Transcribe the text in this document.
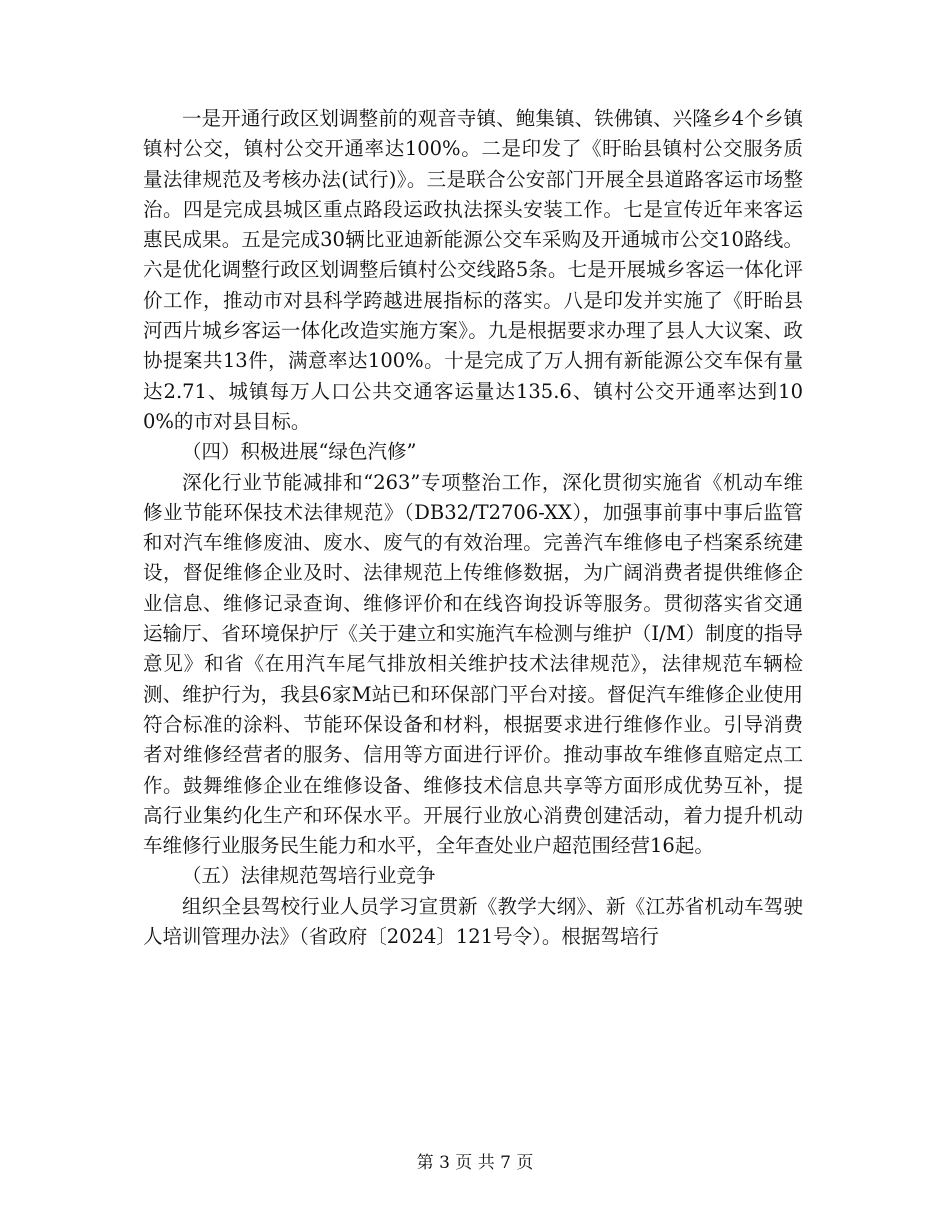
一是开通行政区划调整前的观音寺镇、鲍集镇、铁佛镇、兴隆乡4个乡镇镇村公交，镇村公交开通率达100%。二是印发了《盱眙县镇村公交服务质量法律规范及考核办法(试行)》。三是联合公安部门开展全县道路客运市场整治。四是完成县城区重点路段运政执法探头安装工作。七是宣传近年来客运惠民成果。五是完成30辆比亚迪新能源公交车采购及开通城市公交10路线。六是优化调整行政区划调整后镇村公交线路5条。七是开展城乡客运一体化评价工作，推动市对县科学跨越进展指标的落实。八是印发并实施了《盱眙县河西片城乡客运一体化改造实施方案》。九是根据要求办理了县人大议案、政协提案共13件，满意率达100%。十是完成了万人拥有新能源公交车保有量达2.71、城镇每万人口公共交通客运量达135.6、镇村公交开通率达到100%的市对县目标。

（四）积极进展“绿色汽修”

深化行业节能减排和“263”专项整治工作，深化贯彻实施省《机动车维修业节能环保技术法律规范》（DB32/T2706-XX），加强事前事中事后监管和对汽车维修废油、废水、废气的有效治理。完善汽车维修电子档案系统建设，督促维修企业及时、法律规范上传维修数据，为广阔消费者提供维修企业信息、维修记录查询、维修评价和在线咨询投诉等服务。贯彻落实省交通运输厅、省环境保护厅《关于建立和实施汽车检测与维护（I/M）制度的指导意见》和省《在用汽车尾气排放相关维护技术法律规范》，法律规范车辆检测、维护行为，我县6家M站已和环保部门平台对接。督促汽车维修企业使用符合标准的涂料、节能环保设备和材料，根据要求进行维修作业。引导消费者对维修经营者的服务、信用等方面进行评价。推动事故车维修直赔定点工作。鼓舞维修企业在维修设备、维修技术信息共享等方面形成优势互补，提高行业集约化生产和环保水平。开展行业放心消费创建活动，着力提升机动车维修行业服务民生能力和水平，全年查处业户超范围经营16起。

（五）法律规范驾培行业竞争

组织全县驾校行业人员学习宣贯新《教学大纲》、新《江苏省机动车驾驶人培训管理办法》（省政府〔2024〕121号令）。根据驾培行

第 3 页 共 7 页
